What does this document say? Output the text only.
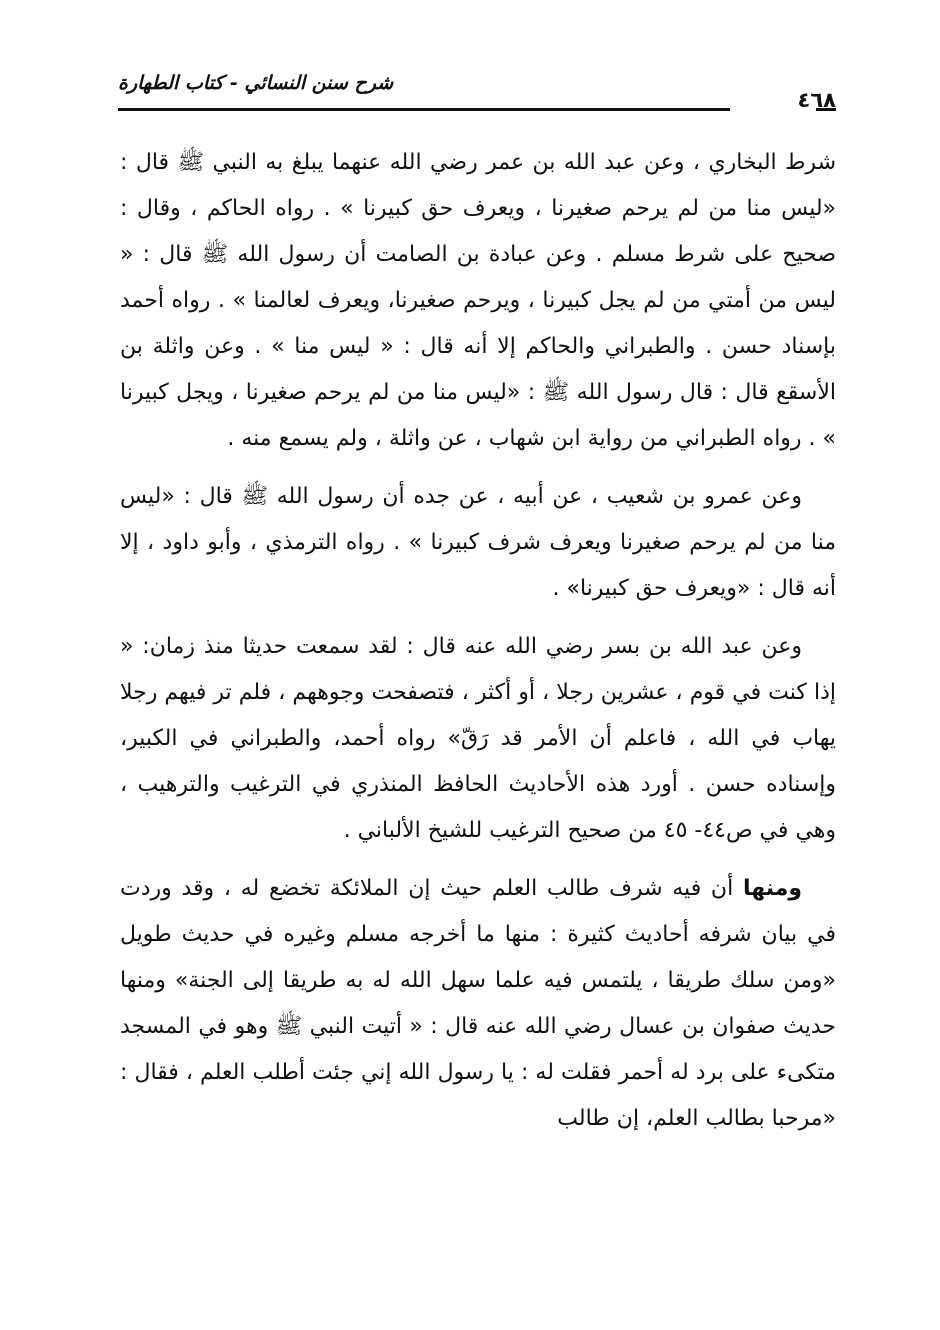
شرح سنن النسائي - كتاب الطهارة
٤٦٨

شرط البخاري ، وعن عبد الله بن عمر رضي الله عنهما يبلغ به النبي ﷺ قال : «ليس منا من لم يرحم صغيرنا ، ويعرف حق كبيرنا » . رواه الحاكم ، وقال : صحيح على شرط مسلم . وعن عبادة بن الصامت أن رسول الله ﷺ قال : « ليس من أمتي من لم يجل كبيرنا ، ويرحم صغيرنا، ويعرف لعالمنا » . رواه أحمد بإسناد حسن . والطبراني والحاكم إلا أنه قال : « ليس منا » . وعن واثلة بن الأسقع قال : قال رسول الله ﷺ : «ليس منا من لم يرحم صغيرنا ، ويجل كبيرنا » . رواه الطبراني من رواية ابن شهاب ، عن واثلة ، ولم يسمع منه .

وعن عمرو بن شعيب ، عن أبيه ، عن جده أن رسول الله ﷺ قال : «ليس منا من لم يرحم صغيرنا ويعرف شرف كبيرنا » . رواه الترمذي ، وأبو داود ، إلا أنه قال : «ويعرف حق كبيرنا» .

وعن عبد الله بن بسر رضي الله عنه قال : لقد سمعت حديثا منذ زمان: « إذا كنت في قوم ، عشرين رجلا ، أو أكثر ، فتصفحت وجوههم ، فلم تر فيهم رجلا يهاب في الله ، فاعلم أن الأمر قد رَقّ» رواه أحمد، والطبراني في الكبير، وإسناده حسن . أورد هذه الأحاديث الحافظ المنذري في الترغيب والترهيب ، وهي في ص٤٤- ٤٥ من صحيح الترغيب للشيخ الألباني .

ومنها أن فيه شرف طالب العلم حيث إن الملائكة تخضع له ، وقد وردت في بيان شرفه أحاديث كثيرة : منها ما أخرجه مسلم وغيره في حديث طويل «ومن سلك طريقا ، يلتمس فيه علما سهل الله له به طريقا إلى الجنة» ومنها حديث صفوان بن عسال رضي الله عنه قال : « أتيت النبي ﷺ وهو في المسجد متكىء على برد له أحمر فقلت له : يا رسول الله إني جئت أطلب العلم ، فقال : «مرحبا بطالب العلم، إن طالب
